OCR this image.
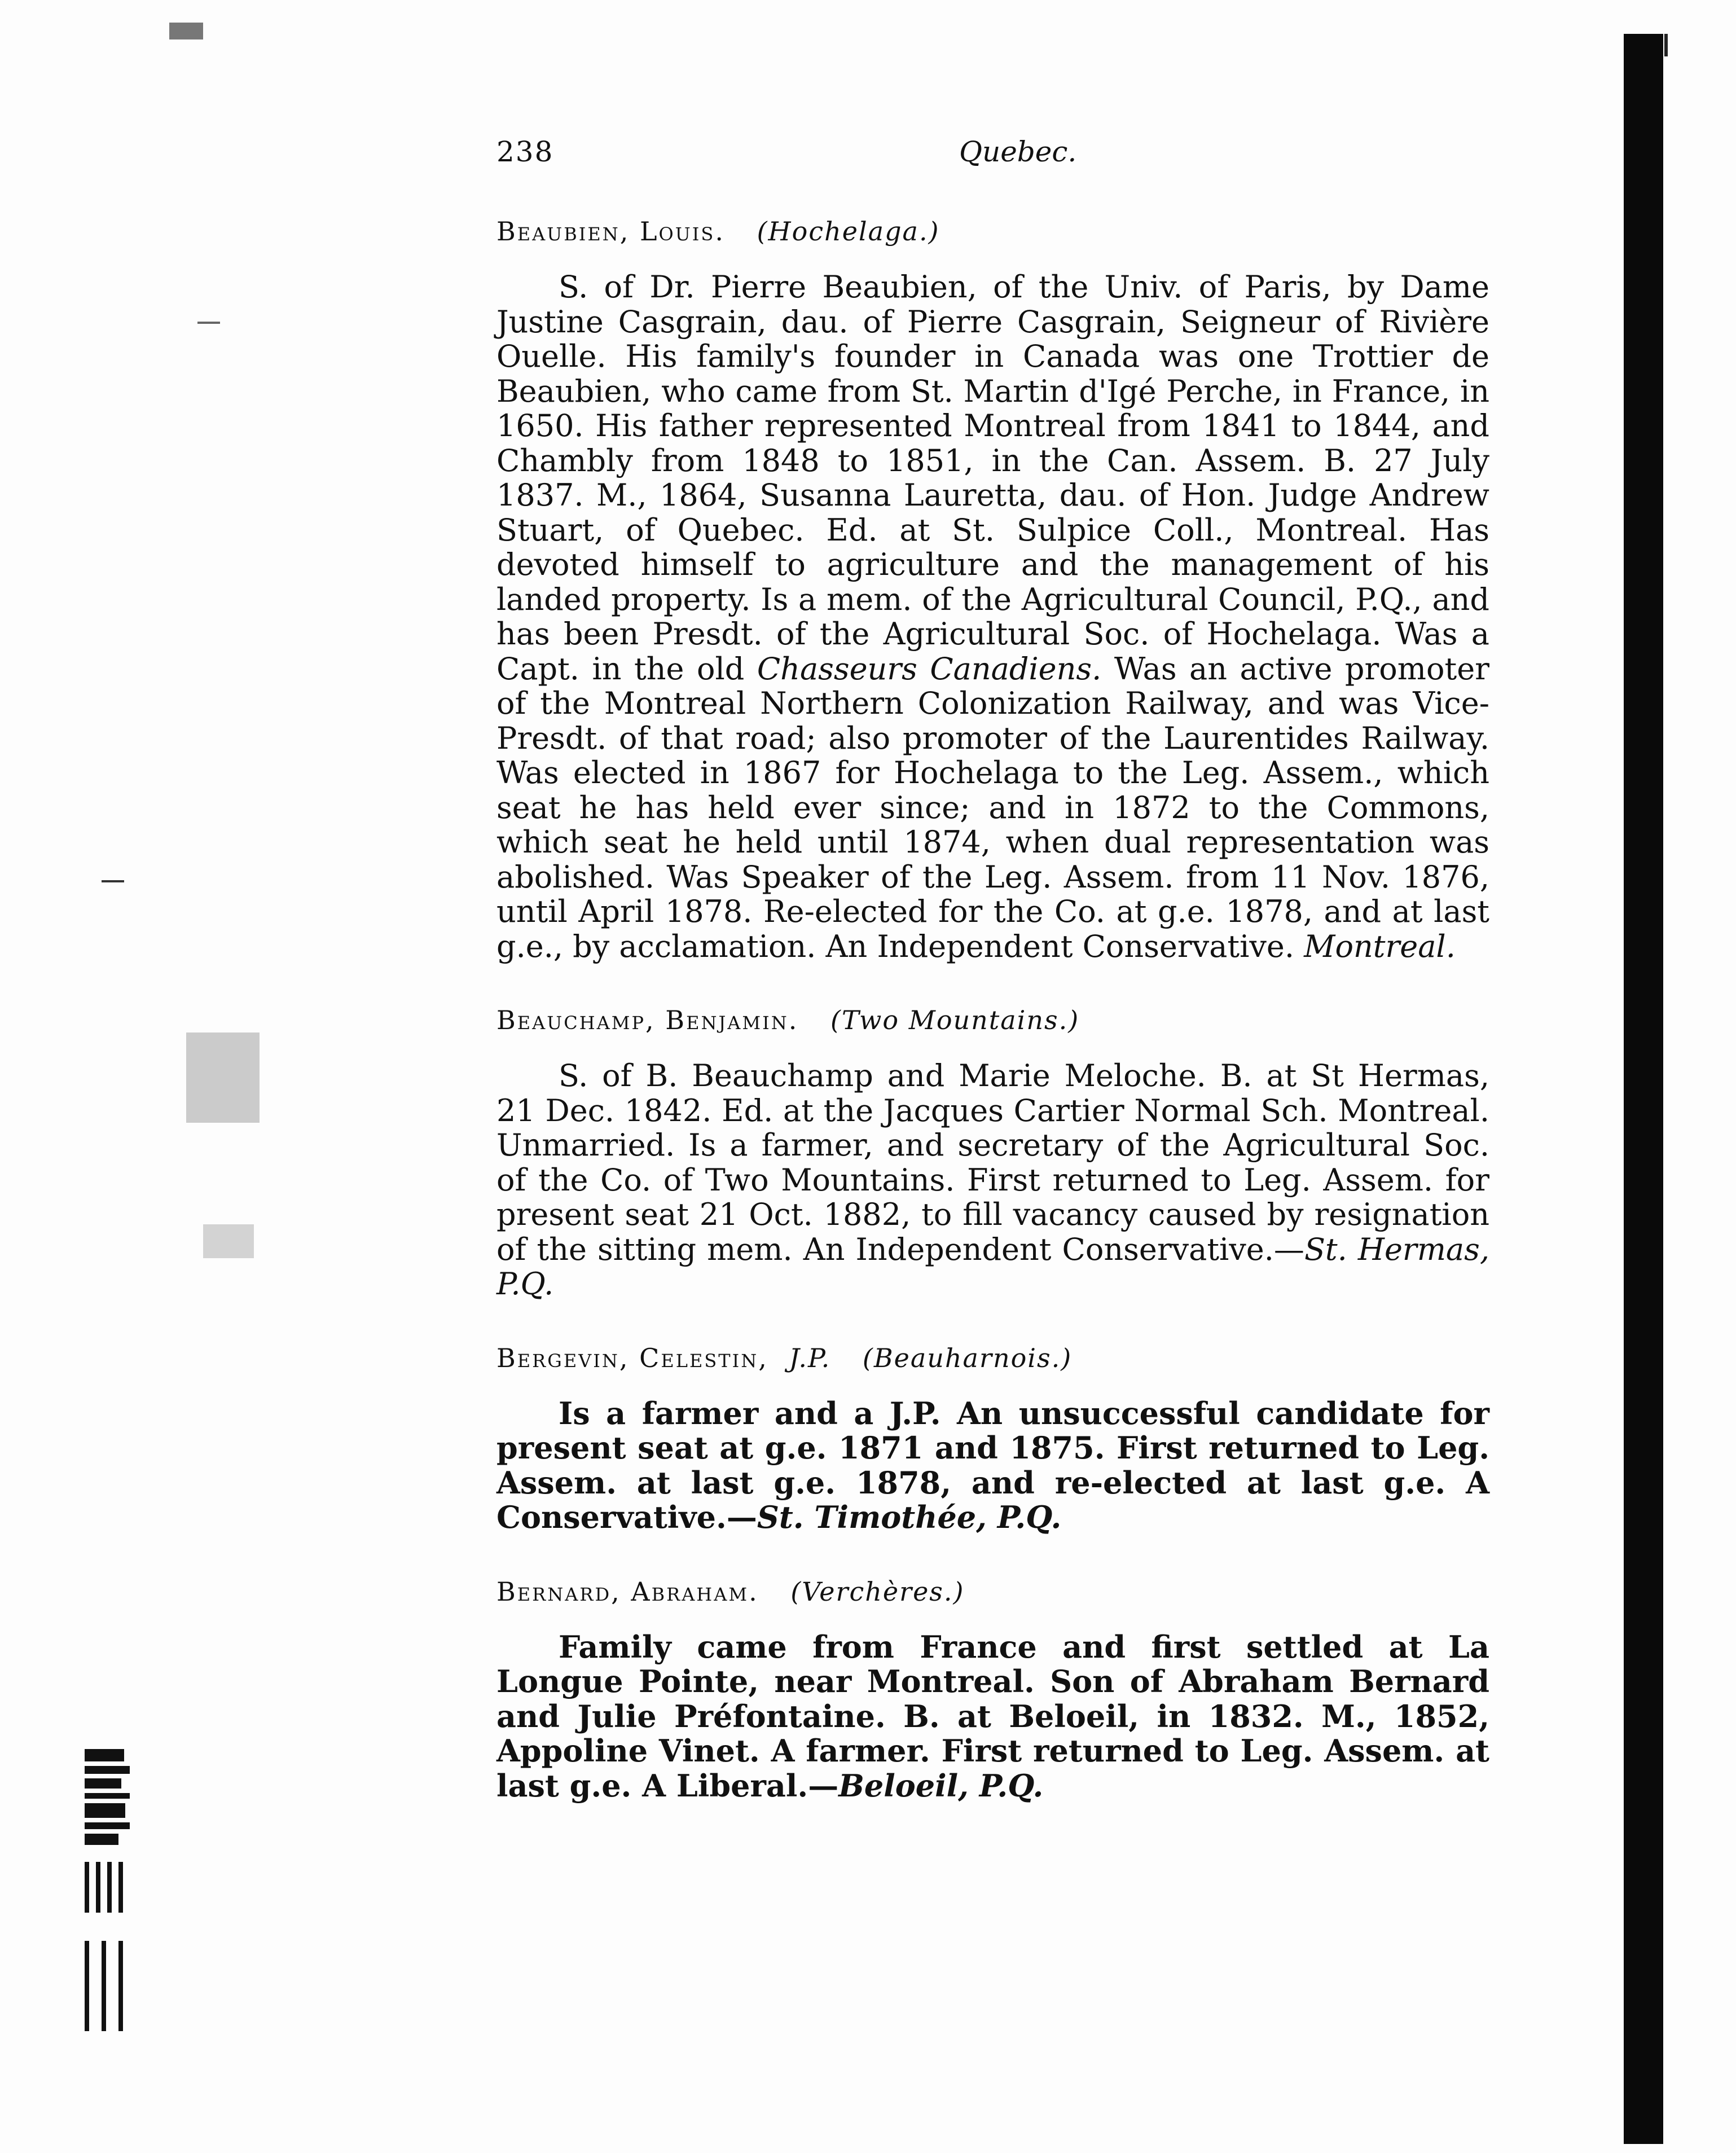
238	Quebec.
Beaubien, Louis. (Hochelaga.)

S. of Dr. Pierre Beaubien, of the Univ. of Paris, by Dame Justine Casgrain, dau. of Pierre Casgrain, Seigneur of Rivière Ouelle. His family's founder in Canada was one Trottier de Beaubien, who came from St. Martin d'Igé Perche, in France, in 1650. His father represented Montreal from 1841 to 1844, and Chambly from 1848 to 1851, in the Can. Assem. B. 27 July 1837. M., 1864, Susanna Lauretta, dau. of Hon. Judge Andrew Stuart, of Quebec. Ed. at St. Sulpice Coll., Montreal. Has devoted himself to agriculture and the management of his landed property. Is a mem. of the Agricultural Council, P.Q., and has been Presdt. of the Agricultural Soc. of Hochelaga. Was a Capt. in the old Chasseurs Canadiens. Was an active promoter of the Montreal Northern Colonization Railway, and was Vice-Presdt. of that road; also promoter of the Laurentides Railway. Was elected in 1867 for Hochelaga to the Leg. Assem., which seat he has held ever since; and in 1872 to the Commons, which seat he held until 1874, when dual representation was abolished. Was Speaker of the Leg. Assem. from 11 Nov. 1876, until April 1878. Re-elected for the Co. at g.e. 1878, and at last g.e., by acclamation. An Independent Conservative. Montreal.

Beauchamp, Benjamin. (Two Mountains.)

S. of B. Beauchamp and Marie Meloche. B. at St Hermas, 21 Dec. 1842. Ed. at the Jacques Cartier Normal Sch. Montreal. Unmarried. Is a farmer, and secretary of the Agricultural Soc. of the Co. of Two Mountains. First returned to Leg. Assem. for present seat 21 Oct. 1882, to fill vacancy caused by resignation of the sitting mem. An Independent Conservative.—St. Hermas, P.Q.

Bergevin, Celestin, J.P. (Beauharnois.)

Is a farmer and a J.P. An unsuccessful candidate for present seat at g.e. 1871 and 1875. First returned to Leg. Assem. at last g.e. 1878, and re-elected at last g.e. A Conservative.—St. Timothée, P.Q.

Bernard, Abraham. (Verchères.)

Family came from France and first settled at La Longue Pointe, near Montreal. Son of Abraham Bernard and Julie Préfontaine. B. at Beloeil, in 1832. M., 1852, Appoline Vinet. A farmer. First returned to Leg. Assem. at last g.e. A Liberal.—Beloeil, P.Q.
